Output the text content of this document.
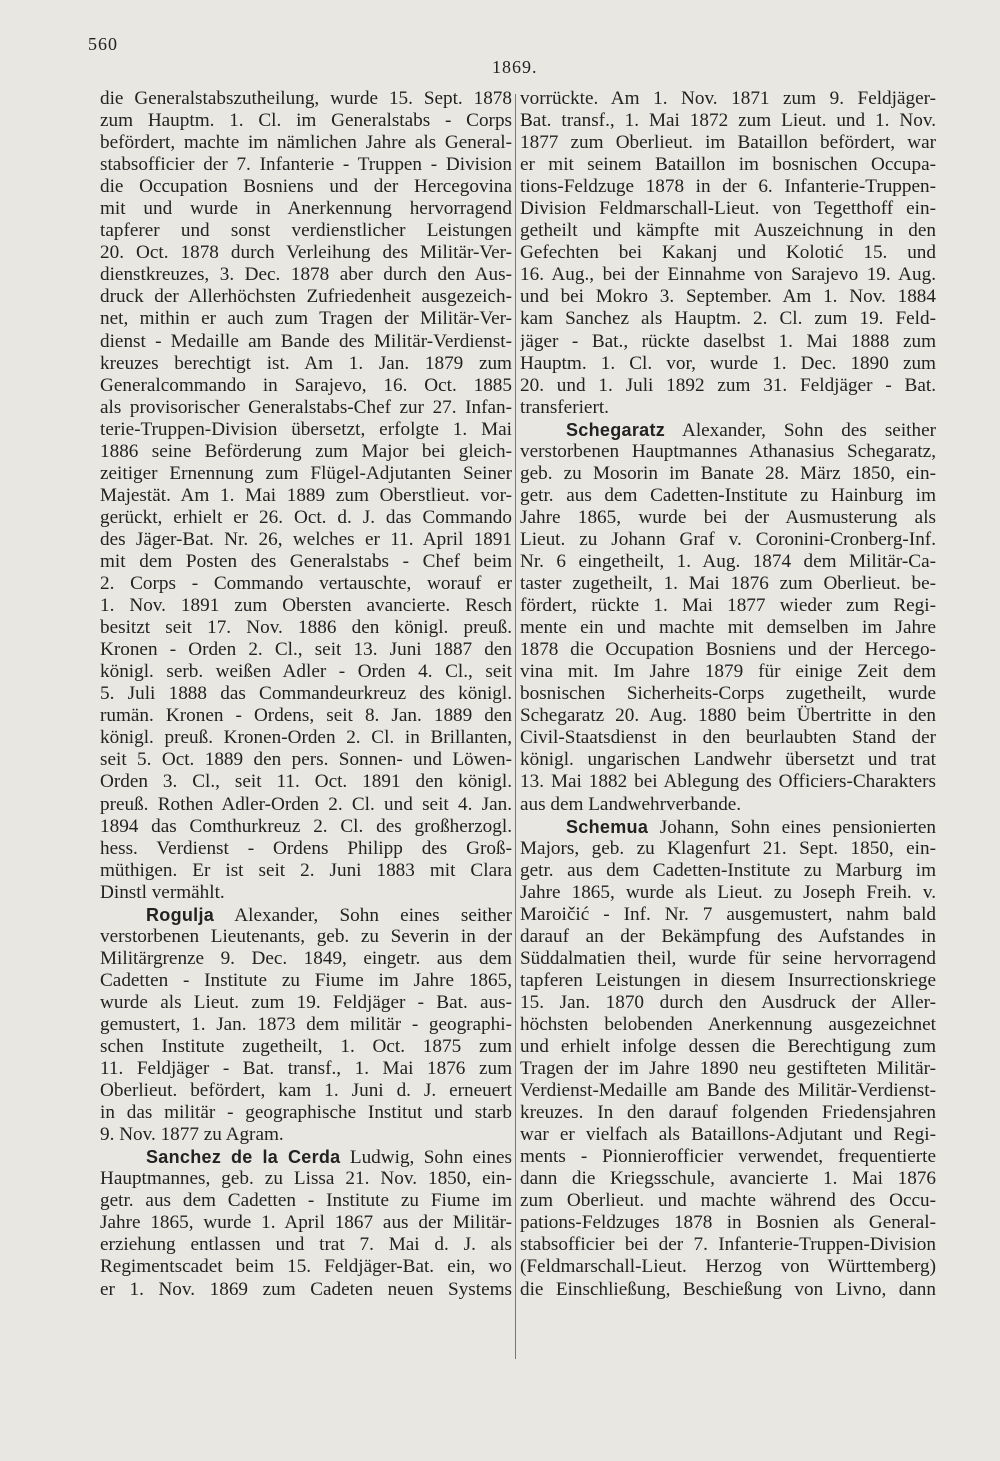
560
1869.
die Generalstabszutheilung, wurde 15. Sept. 1878
zum Hauptm. 1. Cl. im Generalstabs - Corps
befördert, machte im nämlichen Jahre als General-
stabsofficier der 7. Infanterie - Truppen - Division
die Occupation Bosniens und der Hercegovina
mit und wurde in Anerkennung hervorragend
tapferer und sonst verdienstlicher Leistungen
20. Oct. 1878 durch Verleihung des Militär-Ver-
dienstkreuzes, 3. Dec. 1878 aber durch den Aus-
druck der Allerhöchsten Zufriedenheit ausgezeich-
net, mithin er auch zum Tragen der Militär-Ver-
dienst - Medaille am Bande des Militär-Verdienst-
kreuzes berechtigt ist. Am 1. Jan. 1879 zum
Generalcommando in Sarajevo, 16. Oct. 1885
als provisorischer Generalstabs-Chef zur 27. Infan-
terie-Truppen-Division übersetzt, erfolgte 1. Mai
1886 seine Beförderung zum Major bei gleich-
zeitiger Ernennung zum Flügel-Adjutanten Seiner
Majestät. Am 1. Mai 1889 zum Oberstlieut. vor-
gerückt, erhielt er 26. Oct. d. J. das Commando
des Jäger-Bat. Nr. 26, welches er 11. April 1891
mit dem Posten des Generalstabs - Chef beim
2. Corps - Commando vertauschte, worauf er
1. Nov. 1891 zum Obersten avancierte. Resch
besitzt seit 17. Nov. 1886 den königl. preuß.
Kronen - Orden 2. Cl., seit 13. Juni 1887 den
königl. serb. weißen Adler - Orden 4. Cl., seit
5. Juli 1888 das Commandeurkreuz des königl.
rumän. Kronen - Ordens, seit 8. Jan. 1889 den
königl. preuß. Kronen-Orden 2. Cl. in Brillanten,
seit 5. Oct. 1889 den pers. Sonnen- und Löwen-
Orden 3. Cl., seit 11. Oct. 1891 den königl.
preuß. Rothen Adler-Orden 2. Cl. und seit 4. Jan.
1894 das Comthurkreuz 2. Cl. des großherzogl.
hess. Verdienst - Ordens Philipp des Groß-
müthigen. Er ist seit 2. Juni 1883 mit Clara
Dinstl vermählt.
Rogulja Alexander, Sohn eines seither
verstorbenen Lieutenants, geb. zu Severin in der
Militärgrenze 9. Dec. 1849, eingetr. aus dem
Cadetten - Institute zu Fiume im Jahre 1865,
wurde als Lieut. zum 19. Feldjäger - Bat. aus-
gemustert, 1. Jan. 1873 dem militär - geographi-
schen Institute zugetheilt, 1. Oct. 1875 zum
11. Feldjäger - Bat. transf., 1. Mai 1876 zum
Oberlieut. befördert, kam 1. Juni d. J. erneuert
in das militär - geographische Institut und starb
9. Nov. 1877 zu Agram.
Sanchez de la Cerda Ludwig, Sohn eines
Hauptmannes, geb. zu Lissa 21. Nov. 1850, ein-
getr. aus dem Cadetten - Institute zu Fiume im
Jahre 1865, wurde 1. April 1867 aus der Militär-
erziehung entlassen und trat 7. Mai d. J. als
Regimentscadet beim 15. Feldjäger-Bat. ein, wo
er 1. Nov. 1869 zum Cadeten neuen Systems
vorrückte. Am 1. Nov. 1871 zum 9. Feldjäger-
Bat. transf., 1. Mai 1872 zum Lieut. und 1. Nov.
1877 zum Oberlieut. im Bataillon befördert, war
er mit seinem Bataillon im bosnischen Occupa-
tions-Feldzuge 1878 in der 6. Infanterie-Truppen-
Division Feldmarschall-Lieut. von Tegetthoff ein-
getheilt und kämpfte mit Auszeichnung in den
Gefechten bei Kakanj und Kolotić 15. und
16. Aug., bei der Einnahme von Sarajevo 19. Aug.
und bei Mokro 3. September. Am 1. Nov. 1884
kam Sanchez als Hauptm. 2. Cl. zum 19. Feld-
jäger - Bat., rückte daselbst 1. Mai 1888 zum
Hauptm. 1. Cl. vor, wurde 1. Dec. 1890 zum
20. und 1. Juli 1892 zum 31. Feldjäger - Bat.
transferiert.
Schegaratz Alexander, Sohn des seither
verstorbenen Hauptmannes Athanasius Schegaratz,
geb. zu Mosorin im Banate 28. März 1850, ein-
getr. aus dem Cadetten-Institute zu Hainburg im
Jahre 1865, wurde bei der Ausmusterung als
Lieut. zu Johann Graf v. Coronini-Cronberg-Inf.
Nr. 6 eingetheilt, 1. Aug. 1874 dem Militär-Ca-
taster zugetheilt, 1. Mai 1876 zum Oberlieut. be-
fördert, rückte 1. Mai 1877 wieder zum Regi-
mente ein und machte mit demselben im Jahre
1878 die Occupation Bosniens und der Hercego-
vina mit. Im Jahre 1879 für einige Zeit dem
bosnischen Sicherheits-Corps zugetheilt, wurde
Schegaratz 20. Aug. 1880 beim Übertritte in den
Civil-Staatsdienst in den beurlaubten Stand der
königl. ungarischen Landwehr übersetzt und trat
13. Mai 1882 bei Ablegung des Officiers-Charakters
aus dem Landwehrverbande.
Schemua Johann, Sohn eines pensionierten
Majors, geb. zu Klagenfurt 21. Sept. 1850, ein-
getr. aus dem Cadetten-Institute zu Marburg im
Jahre 1865, wurde als Lieut. zu Joseph Freih. v.
Maroičić - Inf. Nr. 7 ausgemustert, nahm bald
darauf an der Bekämpfung des Aufstandes in
Süddalmatien theil, wurde für seine hervorragend
tapferen Leistungen in diesem Insurrectionskriege
15. Jan. 1870 durch den Ausdruck der Aller-
höchsten belobenden Anerkennung ausgezeichnet
und erhielt infolge dessen die Berechtigung zum
Tragen der im Jahre 1890 neu gestifteten Militär-
Verdienst-Medaille am Bande des Militär-Verdienst-
kreuzes. In den darauf folgenden Friedensjahren
war er vielfach als Bataillons-Adjutant und Regi-
ments - Pionnierofficier verwendet, frequentierte
dann die Kriegsschule, avancierte 1. Mai 1876
zum Oberlieut. und machte während des Occu-
pations-Feldzuges 1878 in Bosnien als General-
stabsofficier bei der 7. Infanterie-Truppen-Division
(Feldmarschall-Lieut. Herzog von Württemberg)
die Einschließung, Beschießung von Livno, dann
